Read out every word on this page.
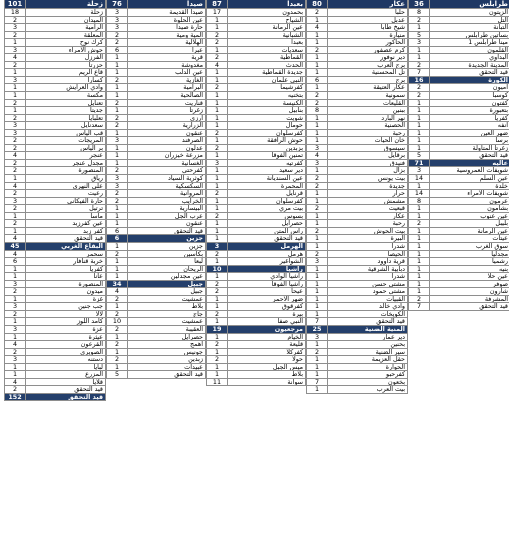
طرابلس
36
الزيتون
8
التل
2
التبانة
1
بساتين طرابلس
5
مينا طرابلس 1
3
القلمون
1
البداوي
1
المدينة الجديدة
2
قيد التحقق
7
الكورة
16
أميون
2
كوسبا
2
كفتون
1
بتعبورة
1
كفريا
1
أنفه
1
ضهر العين
1
برسا
1
زغرتا المتاولة
1
قيد التحقق
5
عاليه
71
شويفات العمروسية
3
عين السلم
14
خلدة
1
شويفات الأمراء
14
عرمون
8
بشامون
1
عين عنوب
1
بليبل
2
عين الرمانة
1
عيتات
1
سوق الغرب
1
مجدليا
1
رشميا
1
بنيه
1
عين حلا
1
صوفر
1
شارون
1
المشرفة
2
قيد التحقق
7
عكار
80
حلبا
2
عدبل
1
شيخ طابا
4
منيارة
1
الحاكور
1
كرم عصفور
2
دير نوفور
1
برج العرب
1
تل المحسنية
1
برج
6
عكار العتيقة
1
سمونية
2
القليعات
2
ببنين
8
نهر البارد
1
الحصنية
1
رحبة
1
خان الحيات
1
سيسوق
3
برقايل
4
فنيدق
3
بزال
1
بيت يونس
2
جديدة
2
حرار
1
مشمش
1
قبعيت
2
عكار
1
رحبة
1
بيت الحوش
2
البيرة
1
شدرا
1
الحيصا
2
قرية داوود
3
دبابية الشرقية
1
شدرا
1
مشتى حسن
1
مشتى حمود
1
القبيات
1
وادي خالد
1
الكويخات
1
قيد التحقق
7
المنية الضنية
25
دير عمار
3
بحنين
1
سير الضنية
2
حقل العزيمة
1
الحوارة
1
كفرحبو
1
بخعون
7
بيت العرب
1
بعبدا
87
بحمدون
17
الشياح
1
عين الرمانة
1
الشبانية
2
بعبدا
2
سعديات
1
القماطية
2
الحدث
4
جديدة القماطية
1
النبي علمان
1
كفرشيما
2
بتخنيه
1
الكنيسة
1
بنابيل
1
شويت
1
حومال
1
كفرسلوان
2
حوش الرافقة
1
بزبدين
2
تمنين الفوقا
1
كفرتيه
3
دير سعيد
1
عين السنديانة
1
المحمرة
1
قرنايل
2
كفرسلوان
1
بيت مري
1
بسوس
2
حصرايل
1
رأس المتن
1
قيد التحقق
1
الهرمل
3
هرمل
2
الشواغير
1
راشيا
10
راشيا الوادي
1
راشيا الفوقا
2
عيحا
2
ضهر الأحمر
1
كفرقوق
1
بيرة
2
النبي صفا
1
مرجعيون
19
الخيام
1
قليعة
2
كفركلا
1
حولا
2
ميس الجبل
1
بلاط
1
سوانة
11
صيدا
76
صيدا القديمة
3
عين الحلوة
3
حارة صيدا
3
المية ومية
2
الهلالية
2
عبرا
6
قرية
1
مغدوشة
1
عين الدلب
1
الغازية
2
البرامية
1
الصالحية
1
قناريت
2
زغرتا
1
أرزي
2
الزرارية
2
عنقون
1
الصرفند
3
عدلون
1
مزرعة خيزران
1
الغسانية
1
كفرحتى
2
كوثرية السياد
3
السكسكية
3
المروانية
2
الخرايب
2
البيسارية
1
عرب الجل
1
عنقون
1
قيد التحقق
6
جزين
6
جزين
1
بكاسين
2
لبعا
1
الريحان
1
عين مجدلين
1
جبيل
34
جبيل
4
عمشيت
2
بلاط
1
جاج
2
عمشيت
10
العقيبة
2
حصرايل
1
اهمج
2
جونيس
1
زبدين
2
عبيدات
1
قيد التحقق
5
زحلة
101
زحلة
18
الميدان
2
الرامية
3
المعلقة
2
كرك نوح
1
حوش الأمراء
3
الفرزل
4
حزرتا
2
قاع الريم
1
كسارا
3
وادي العرايش
1
مكسة
1
تعنايل
2
جديتا
1
تعلبايا
2
سعدنايل
3
قب الياس
3
المريجات
2
بر الياس
2
عنجر
4
مجدل عنجر
2
المنصورة
2
رياق
1
علي النهري
4
رعيت
2
حارة الفيكاني
3
ترتيل
2
ماسا
1
عين كفرزبد
2
كفر زبد
1
قيد التحقق
4
البقاع الغربي
45
سحمر
4
خربة قنافار
6
كفريا
1
عانا
1
المنصورة
3
ميدون
2
غزة
1
جب جنين
3
لالا
2
كامد اللوز
1
عزة
3
عيثرة
1
القرعون
4
الصويري
2
دستنه
3
لبايا
1
المزرع
1
قلايا
4
قيد التحقق
2
قيد التحقق
152
